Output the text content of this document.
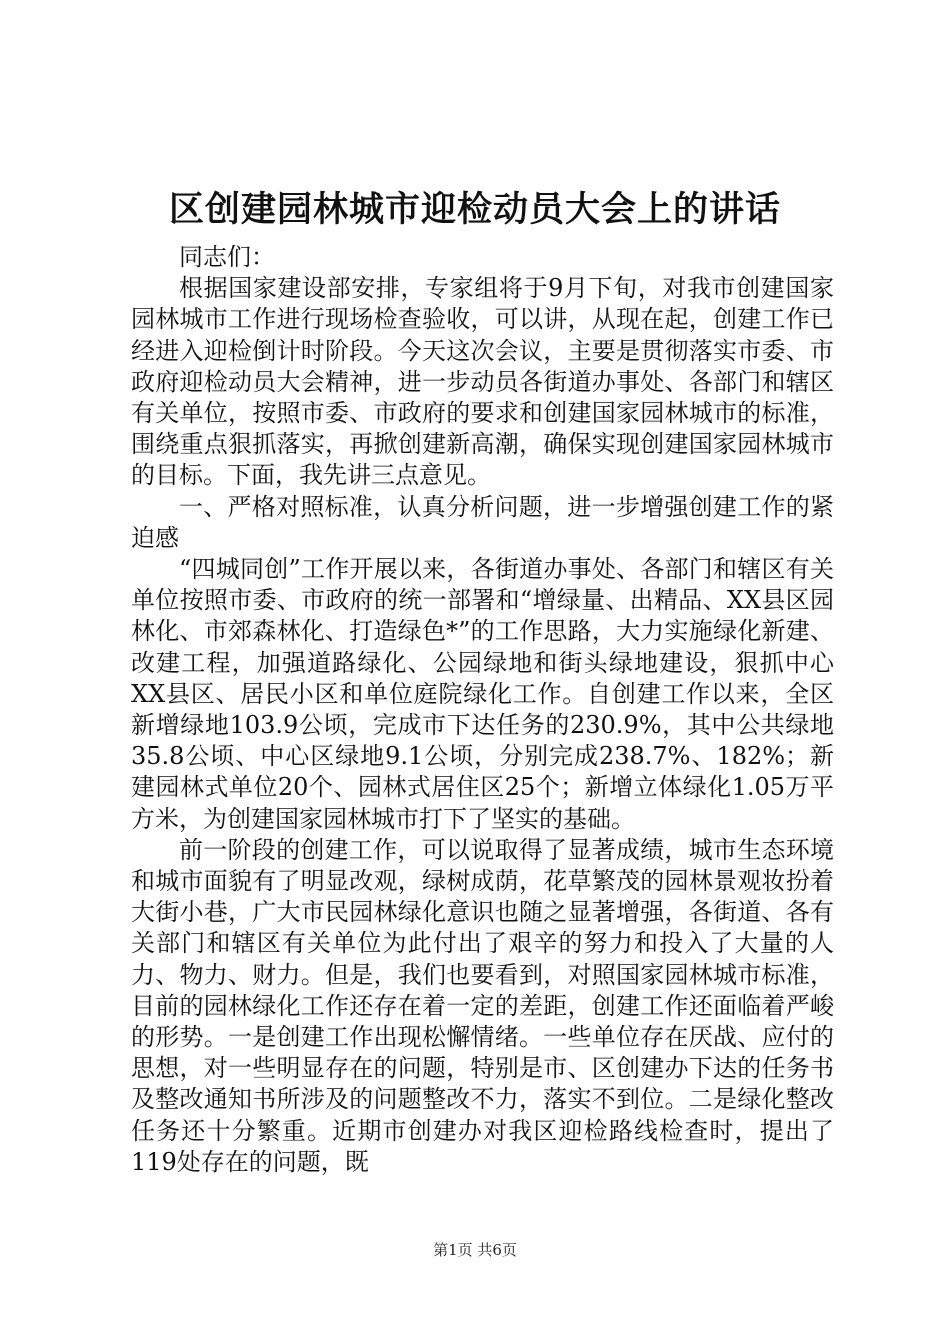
区创建园林城市迎检动员大会上的讲话

同志们：

根据国家建设部安排，专家组将于9月下旬，对我市创建国家园林城市工作进行现场检查验收，可以讲，从现在起，创建工作已经进入迎检倒计时阶段。今天这次会议，主要是贯彻落实市委、市政府迎检动员大会精神，进一步动员各街道办事处、各部门和辖区有关单位，按照市委、市政府的要求和创建国家园林城市的标准，围绕重点狠抓落实，再掀创建新高潮，确保实现创建国家园林城市的目标。下面，我先讲三点意见。

一、严格对照标准，认真分析问题，进一步增强创建工作的紧迫感

“四城同创”工作开展以来，各街道办事处、各部门和辖区有关单位按照市委、市政府的统一部署和“增绿量、出精品、XX县区园林化、市郊森林化、打造绿色*”的工作思路，大力实施绿化新建、改建工程，加强道路绿化、公园绿地和街头绿地建设，狠抓中心XX县区、居民小区和单位庭院绿化工作。自创建工作以来，全区新增绿地103.9公顷，完成市下达任务的230.9%，其中公共绿地35.8公顷、中心区绿地9.1公顷，分别完成238.7%、182%；新建园林式单位20个、园林式居住区25个；新增立体绿化1.05万平方米，为创建国家园林城市打下了坚实的基础。

前一阶段的创建工作，可以说取得了显著成绩，城市生态环境和城市面貌有了明显改观，绿树成荫，花草繁茂的园林景观妆扮着大街小巷，广大市民园林绿化意识也随之显著增强，各街道、各有关部门和辖区有关单位为此付出了艰辛的努力和投入了大量的人力、物力、财力。但是，我们也要看到，对照国家园林城市标准，目前的园林绿化工作还存在着一定的差距，创建工作还面临着严峻的形势。一是创建工作出现松懈情绪。一些单位存在厌战、应付的思想，对一些明显存在的问题，特别是市、区创建办下达的任务书及整改通知书所涉及的问题整改不力，落实不到位。二是绿化整改任务还十分繁重。近期市创建办对我区迎检路线检查时，提出了119处存在的问题，既

第1页 共6页
